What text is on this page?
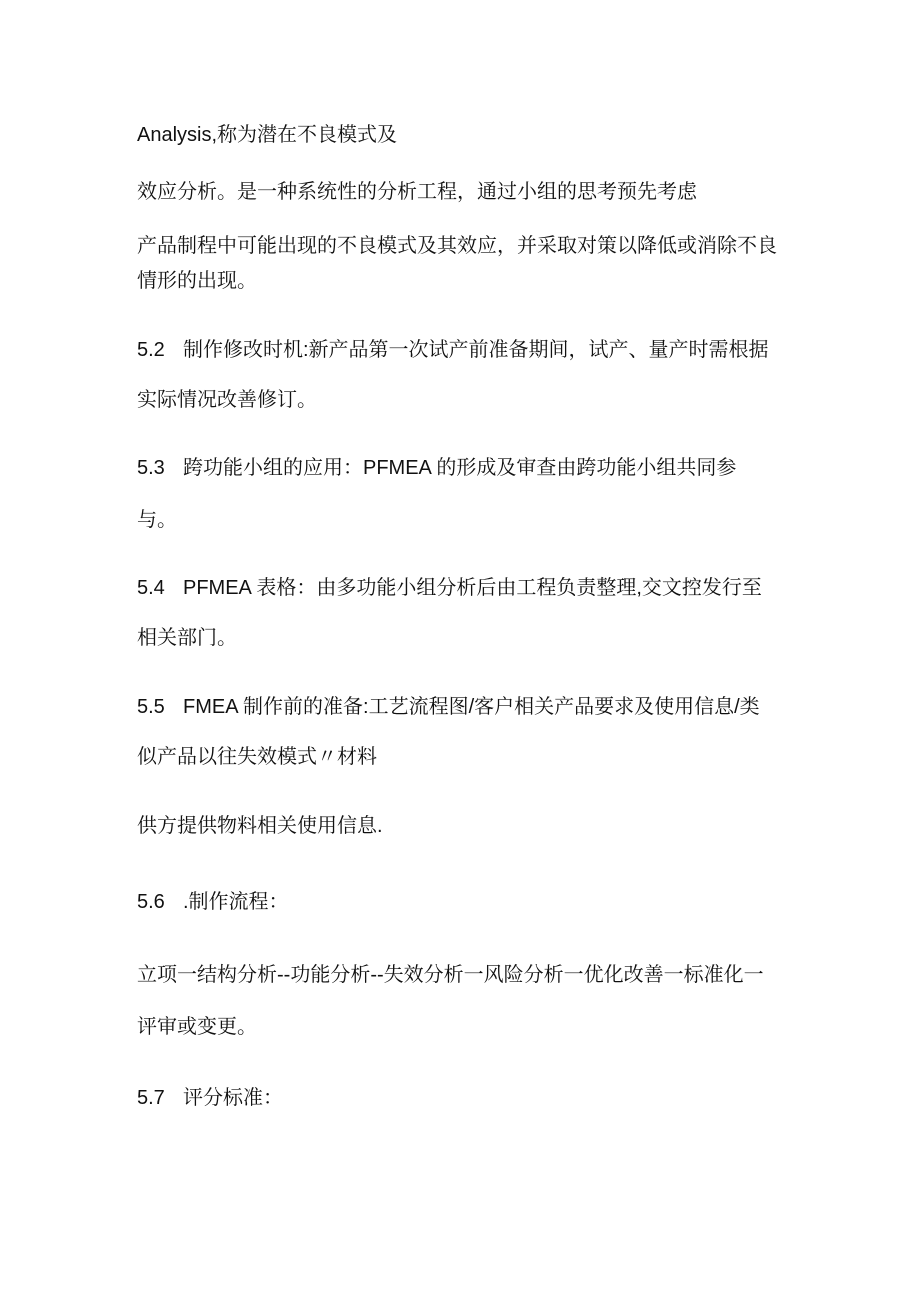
Analysis,称为潜在不良模式及
效应分析。是一种系统性的分析工程，通过小组的思考预先考虑
产品制程中可能出现的不良模式及其效应，并采取对策以降低或消除不良
情形的出现。
5.2 制作修改时机:新产品第一次试产前准备期间，试产、量产时需根据
实际情况改善修订。
5.3 跨功能小组的应用：PFMEA 的形成及审查由跨功能小组共同参
与。
5.4 PFMEA 表格：由多功能小组分析后由工程负责整理,交文控发行至
相关部门。
5.5 FMEA 制作前的准备:工艺流程图/客户相关产品要求及使用信息/类
似产品以往失效模式〃材料
供方提供物料相关使用信息.
5.6 .制作流程：
立项一结构分析--功能分析--失效分析一风险分析一优化改善一标准化一
评审或变更。
5.7 评分标准：
